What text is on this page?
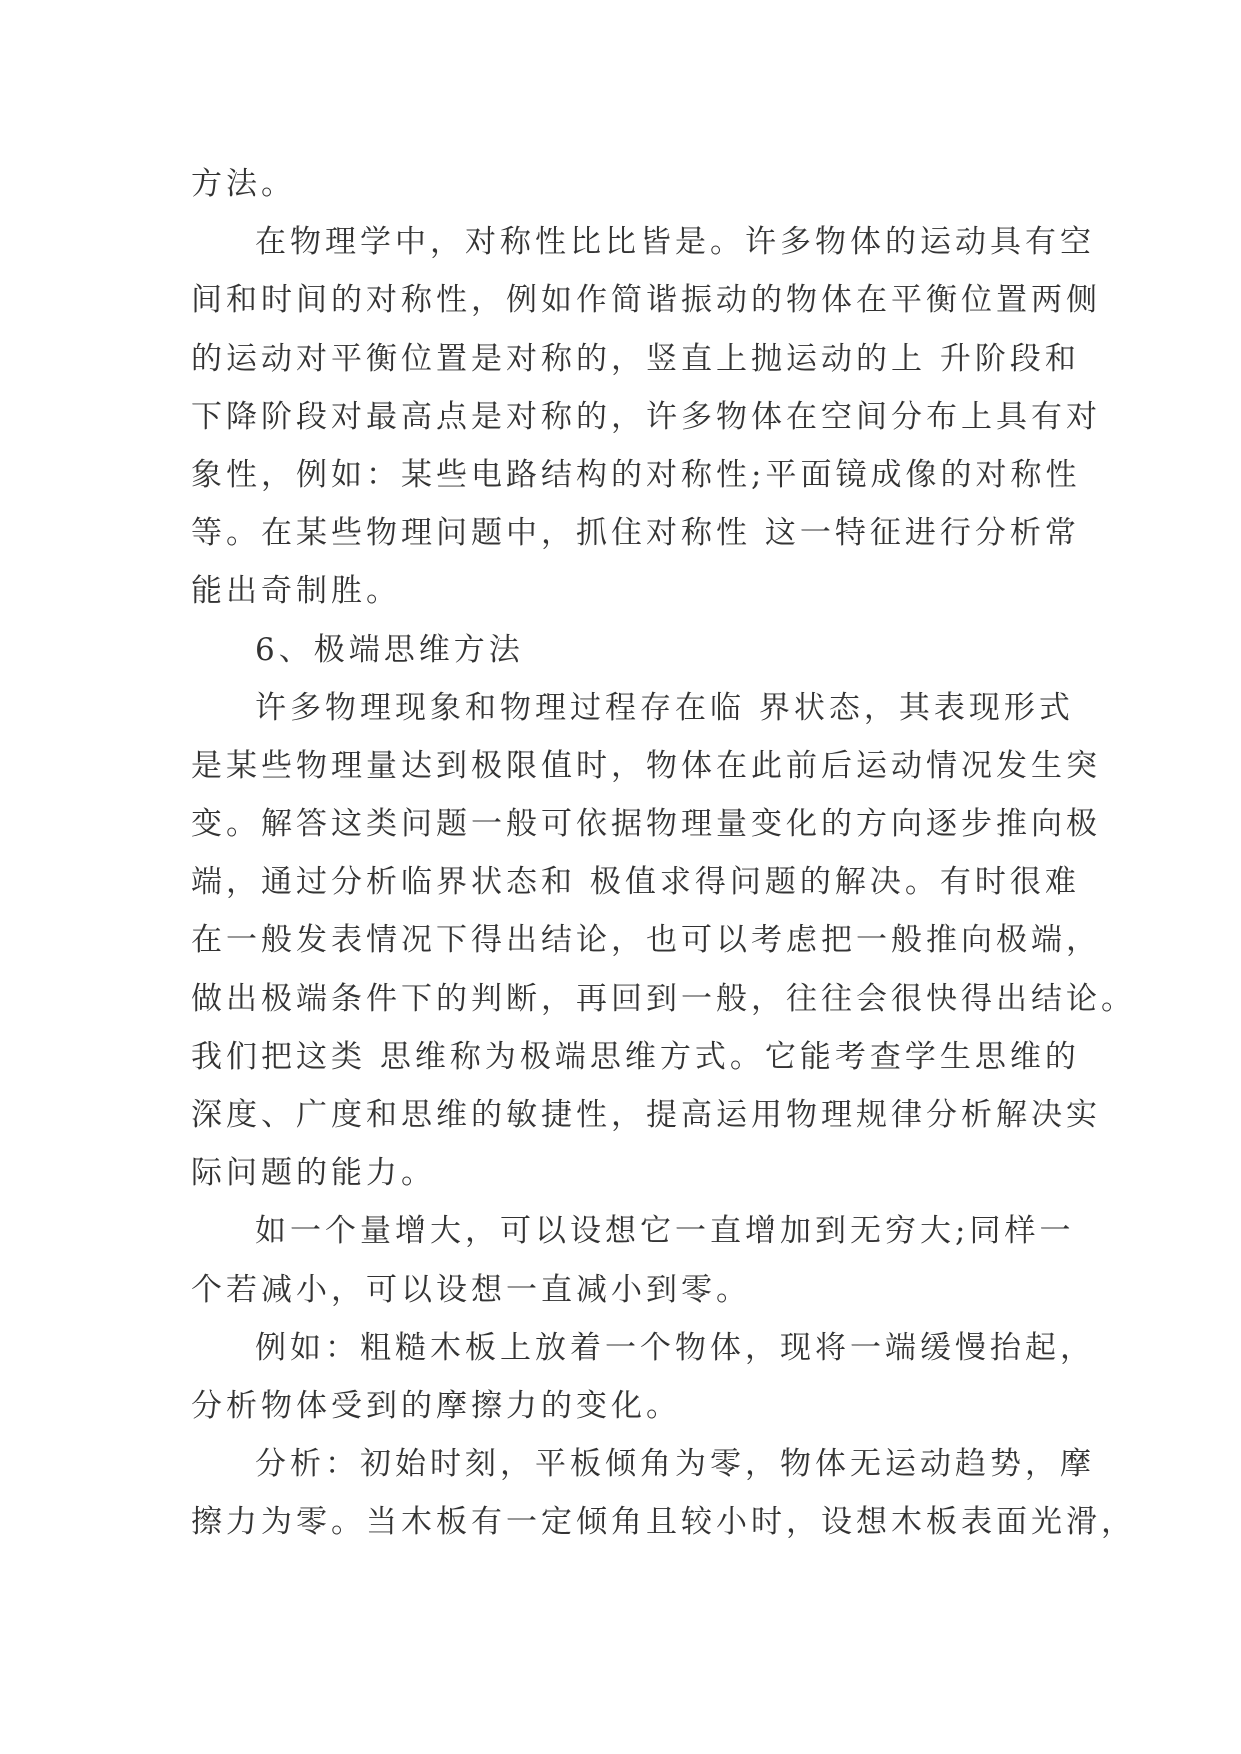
方法。
在物理学中，对称性比比皆是。许多物体的运动具有空
间和时间的对称性，例如作简谐振动的物体在平衡位置两侧
的运动对平衡位置是对称的，竖直上抛运动的上 升阶段和
下降阶段对最高点是对称的，许多物体在空间分布上具有对
象性，例如：某些电路结构的对称性;平面镜成像的对称性
等。在某些物理问题中，抓住对称性 这一特征进行分析常
能出奇制胜。
6、极端思维方法
许多物理现象和物理过程存在临 界状态，其表现形式
是某些物理量达到极限值时，物体在此前后运动情况发生突
变。解答这类问题一般可依据物理量变化的方向逐步推向极
端，通过分析临界状态和 极值求得问题的解决。有时很难
在一般发表情况下得出结论，也可以考虑把一般推向极端，
做出极端条件下的判断，再回到一般，往往会很快得出结论。
我们把这类 思维称为极端思维方式。它能考查学生思维的
深度、广度和思维的敏捷性，提高运用物理规律分析解决实
际问题的能力。
如一个量增大，可以设想它一直增加到无穷大;同样一
个若减小，可以设想一直减小到零。
例如：粗糙木板上放着一个物体，现将一端缓慢抬起，
分析物体受到的摩擦力的变化。
分析：初始时刻，平板倾角为零，物体无运动趋势，摩
擦力为零。当木板有一定倾角且较小时，设想木板表面光滑，
